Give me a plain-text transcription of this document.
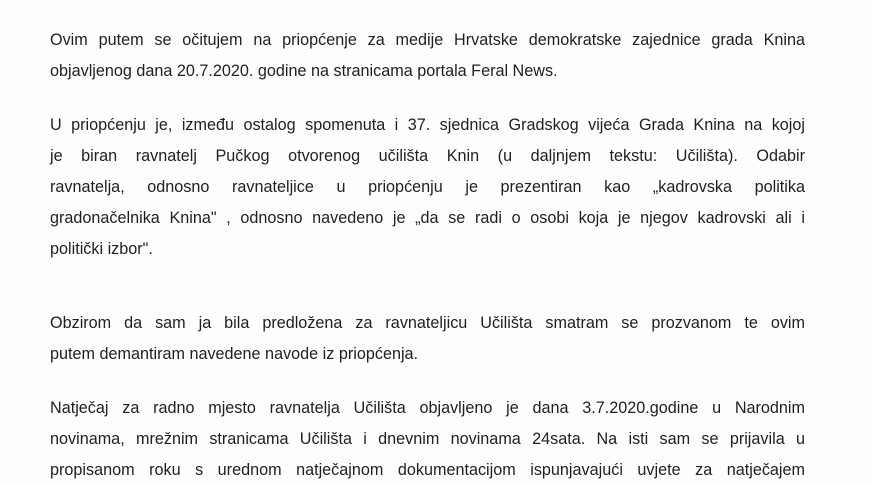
Ovim putem se očitujem na priopćenje za medije Hrvatske demokratske zajednice grada Knina
objavljenog dana 20.7.2020. godine na stranicama portala Feral News.
U priopćenju je, između ostalog spomenuta i 37. sjednica Gradskog vijeća Grada Knina na kojoj
je biran ravnatelj Pučkog otvorenog učilišta Knin (u daljnjem tekstu: Učilišta). Odabir
ravnatelja, odnosno ravnateljice u priopćenju je prezentiran kao „kadrovska politika
gradonačelnika Knina" , odnosno navedeno je „da se radi o osobi koja je njegov kadrovski ali i
politički izbor".
Obzirom da sam ja bila predložena za ravnateljicu Učilišta smatram se prozvanom te ovim
putem demantiram navedene navode iz priopćenja.
Natječaj za radno mjesto ravnatelja Učilišta objavljeno je dana 3.7.2020.godine u Narodnim
novinama, mrežnim stranicama Učilišta i dnevnim novinama 24sata. Na isti sam se prijavila u
propisanom roku s urednom natječajnom dokumentacijom ispunjavajući uvjete za natječajem
